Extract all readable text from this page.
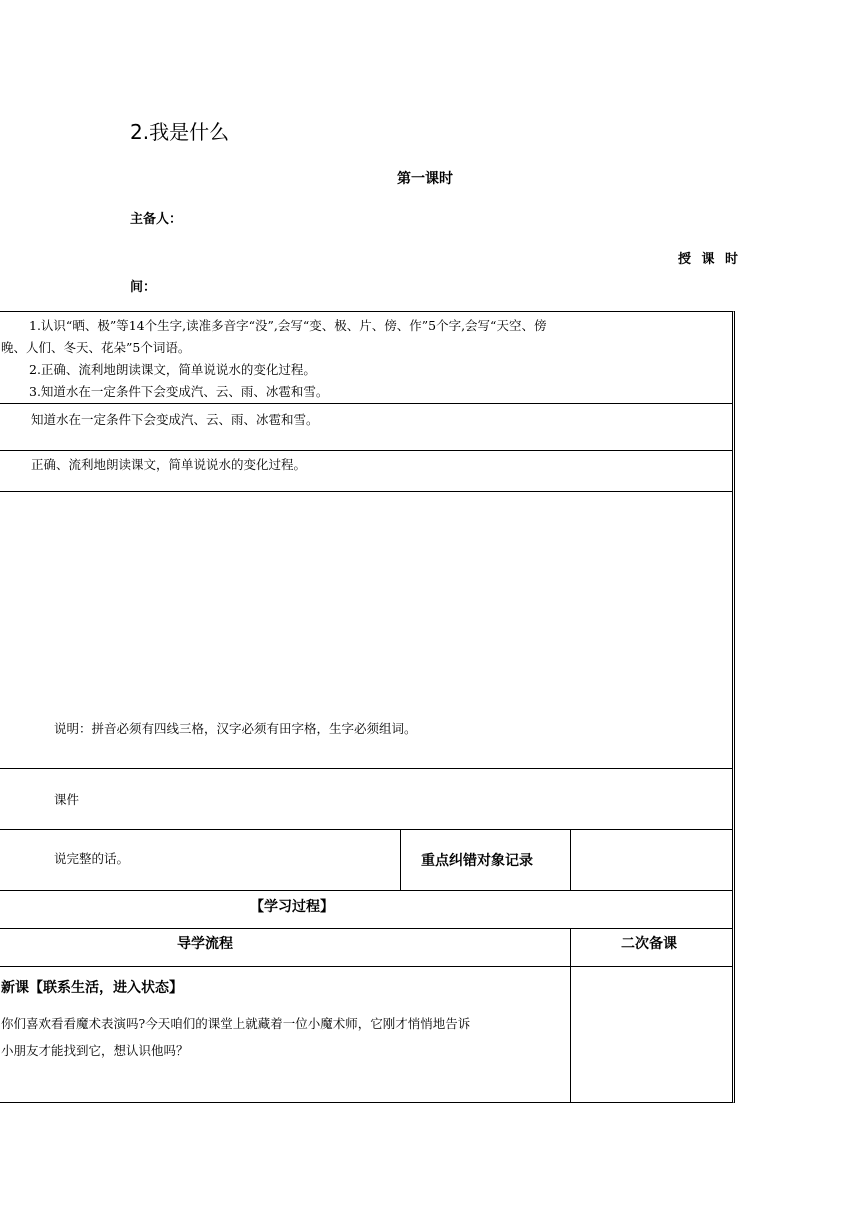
2.我是什么
第一课时
主备人：
授 课 时
间：
1.认识“晒、极”等14个生字,读准多音字“没”,会写“变、极、片、傍、作”5个字,会写“天空、傍
晚、人们、冬天、花朵”5个词语。
2.正确、流利地朗读课文，简单说说水的变化过程。
3.知道水在一定条件下会变成汽、云、雨、冰雹和雪。
知道水在一定条件下会变成汽、云、雨、冰雹和雪。
正确、流利地朗读课文，简单说说水的变化过程。
说明：拼音必须有四线三格，汉字必须有田字格，生字必须组词。
课件
说完整的话。	重点纠错对象记录
【学习过程】
导学流程	二次备课
新课【联系生活，进入状态】
你们喜欢看看魔术表演吗?今天咱们的课堂上就藏着一位小魔术师，它刚才悄悄地告诉
小朋友才能找到它，想认识他吗？
